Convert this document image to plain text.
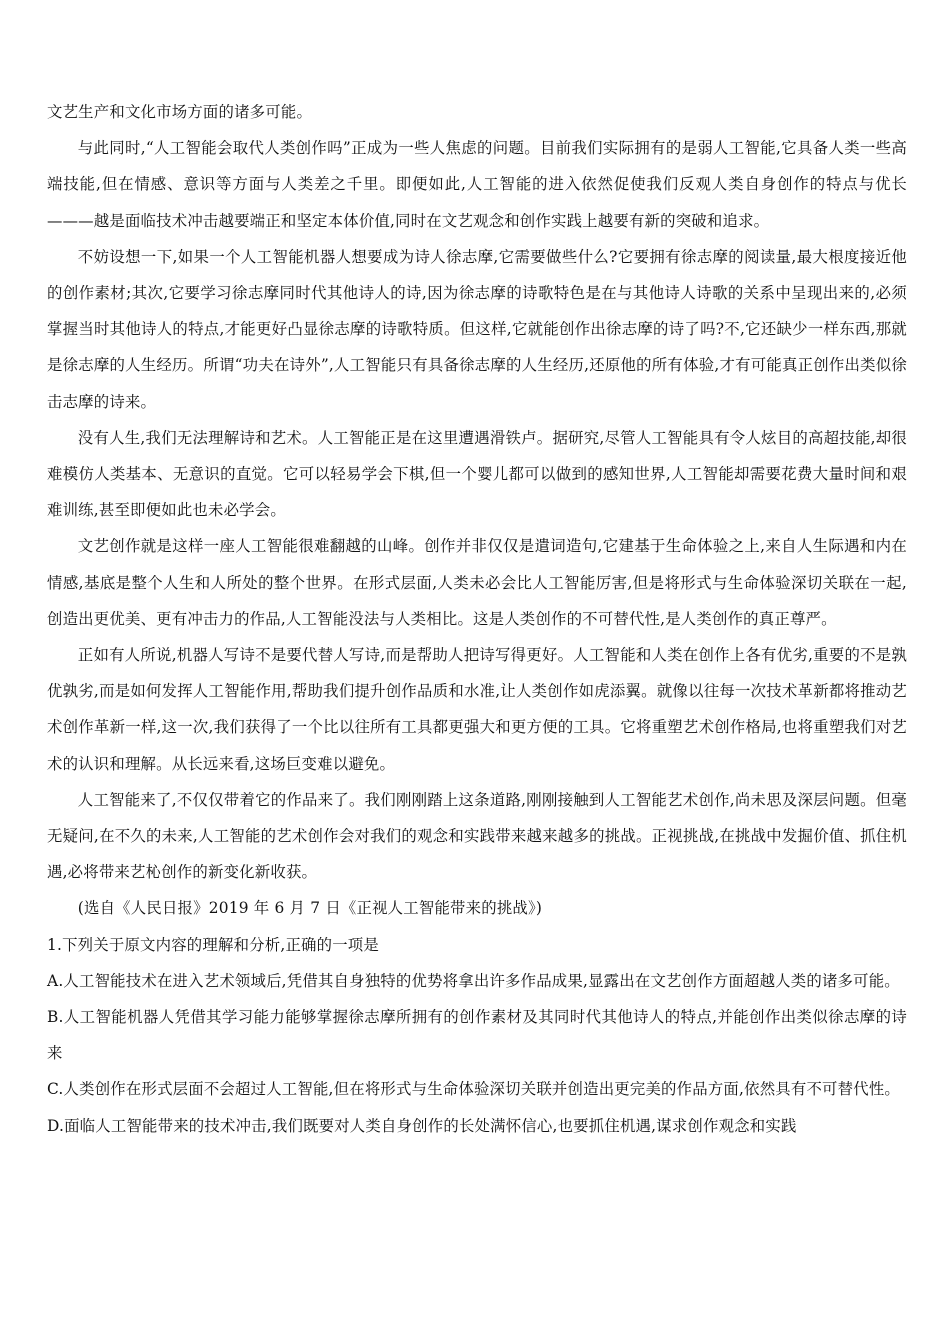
文艺生产和文化市场方面的诸多可能。

与此同时,“人工智能会取代人类创作吗”正成为一些人焦虑的问题。目前我们实际拥有的是弱人工智能,它具备人类一些高端技能,但在情感、意识等方面与人类差之千里。即便如此,人工智能的进入依然促使我们反观人类自身创作的特点与优长———越是面临技术冲击越要端正和坚定本体价值,同时在文艺观念和创作实践上越要有新的突破和追求。

不妨设想一下,如果一个人工智能机器人想要成为诗人徐志摩,它需要做些什么?它要拥有徐志摩的阅读量,最大根度接近他的创作素材;其次,它要学习徐志摩同时代其他诗人的诗,因为徐志摩的诗歌特色是在与其他诗人诗歌的关系中呈现出来的,必须掌握当时其他诗人的特点,才能更好凸显徐志摩的诗歌特质。但这样,它就能创作出徐志摩的诗了吗?不,它还缺少一样东西,那就是徐志摩的人生经历。所谓“功夫在诗外”,人工智能只有具备徐志摩的人生经历,还原他的所有体验,才有可能真正创作出类似徐击志摩的诗来。

没有人生,我们无法理解诗和艺术。人工智能正是在这里遭遇滑铁卢。据研究,尽管人工智能具有令人炫目的高超技能,却很难模仿人类基本、无意识的直觉。它可以轻易学会下棋,但一个婴儿都可以做到的感知世界,人工智能却需要花费大量时间和艰难训练,甚至即便如此也未必学会。

文艺创作就是这样一座人工智能很难翻越的山峰。创作并非仅仅是遣词造句,它建基于生命体验之上,来自人生际遇和内在情感,基底是整个人生和人所处的整个世界。在形式层面,人类未必会比人工智能厉害,但是将形式与生命体验深切关联在一起,创造出更优美、更有冲击力的作品,人工智能没法与人类相比。这是人类创作的不可替代性,是人类创作的真正尊严。

正如有人所说,机器人写诗不是要代替人写诗,而是帮助人把诗写得更好。人工智能和人类在创作上各有优劣,重要的不是孰优孰劣,而是如何发挥人工智能作用,帮助我们提升创作品质和水准,让人类创作如虎添翼。就像以往每一次技术革新都将推动艺术创作革新一样,这一次,我们获得了一个比以往所有工具都更强大和更方便的工具。它将重塑艺术创作格局,也将重塑我们对艺术的认识和理解。从长远来看,这场巨变难以避免。

人工智能来了,不仅仅带着它的作品来了。我们刚刚踏上这条道路,刚刚接触到人工智能艺术创作,尚未思及深层问题。但毫无疑问,在不久的未来,人工智能的艺术创作会对我们的观念和实践带来越来越多的挑战。正视挑战,在挑战中发掘价值、抓住机遇,必将带来艺杺创作的新变化新收获。

(选自《人民日报》2019 年 6 月 7 日《正视人工智能带来的挑战》)

1.下列关于原文内容的理解和分析,正确的一项是

A.人工智能技术在进入艺术领域后,凭借其自身独特的优势将拿出许多作品成果,显露出在文艺创作方面超越人类的诸多可能。

B.人工智能机器人凭借其学习能力能够掌握徐志摩所拥有的创作素材及其同时代其他诗人的特点,并能创作出类似徐志摩的诗来

C.人类创作在形式层面不会超过人工智能,但在将形式与生命体验深切关联并创造出更完美的作品方面,依然具有不可替代性。

D.面临人工智能带来的技术冲击,我们既要对人类自身创作的长处满怀信心,也要抓住机遇,谋求创作观念和实践
